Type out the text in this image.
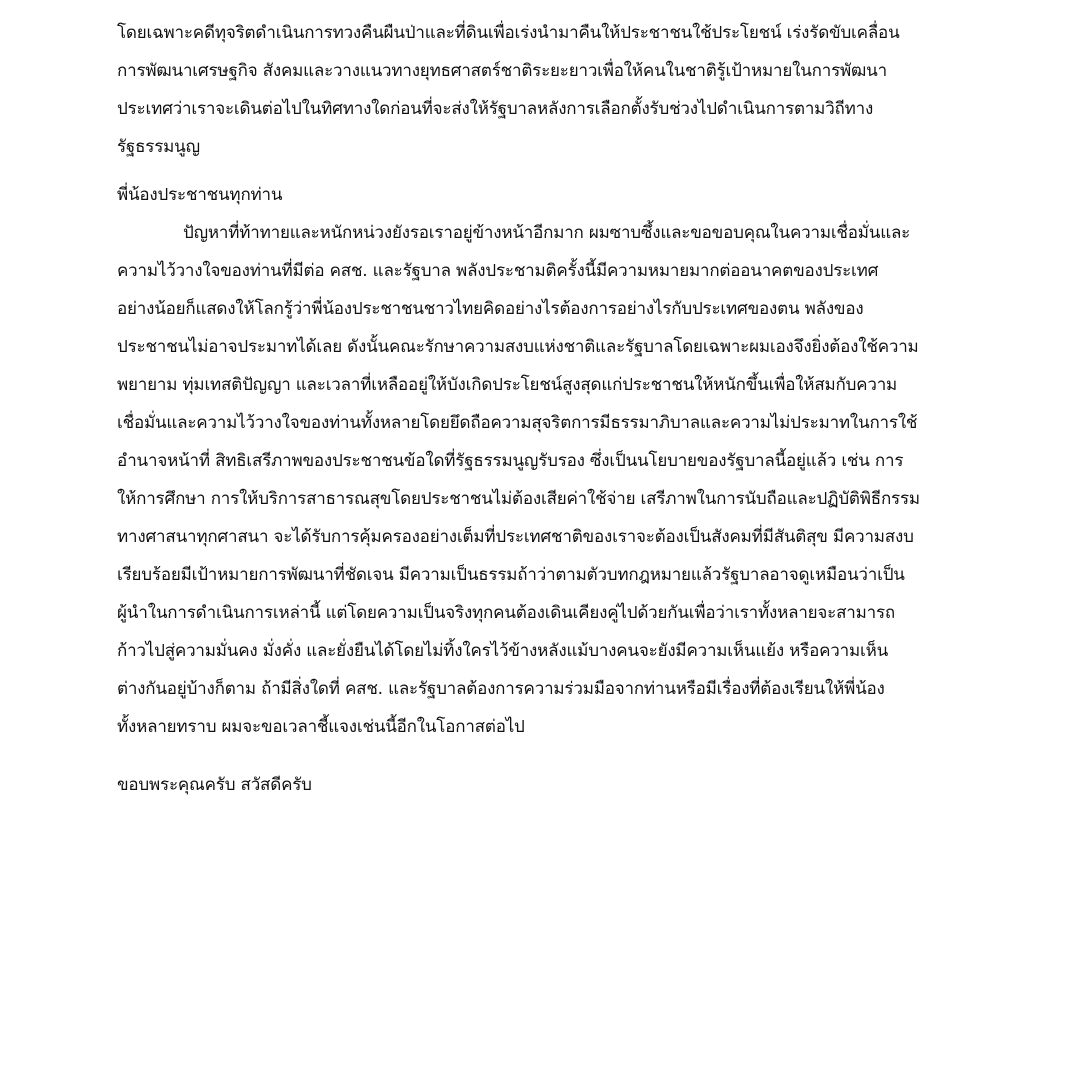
โดยเฉพาะคดีทุจริตดำเนินการทวงคืนผืนป่าและที่ดินเพื่อเร่งนำมาคืนให้ประชาชนใช้ประโยชน์ เร่งรัดขับเคลื่อน
การพัฒนาเศรษฐกิจ สังคมและวางแนวทางยุทธศาสตร์ชาติระยะยาวเพื่อให้คนในชาติรู้เป้าหมายในการพัฒนา
ประเทศว่าเราจะเดินต่อไปในทิศทางใดก่อนที่จะส่งให้รัฐบาลหลังการเลือกตั้งรับช่วงไปดำเนินการตามวิถีทาง
รัฐธรรมนูญ
พี่น้องประชาชนทุกท่าน
ปัญหาที่ท้าทายและหนักหน่วงยังรอเราอยู่ข้างหน้าอีกมาก ผมซาบซึ้งและขอขอบคุณในความเชื่อมั่นและ
ความไว้วางใจของท่านที่มีต่อ คสช. และรัฐบาล พลังประชามติครั้งนี้มีความหมายมากต่ออนาคตของประเทศ
อย่างน้อยก็แสดงให้โลกรู้ว่าพี่น้องประชาชนชาวไทยคิดอย่างไรต้องการอย่างไรกับประเทศของตน พลังของ
ประชาชนไม่อาจประมาทได้เลย ดังนั้นคณะรักษาความสงบแห่งชาติและรัฐบาลโดยเฉพาะผมเองจึงยิ่งต้องใช้ความ
พยายาม ทุ่มเทสติปัญญา และเวลาที่เหลืออยู่ให้บังเกิดประโยชน์สูงสุดแก่ประชาชนให้หนักขึ้นเพื่อให้สมกับความ
เชื่อมั่นและความไว้วางใจของท่านทั้งหลายโดยยึดถือความสุจริตการมีธรรมาภิบาลและความไม่ประมาทในการใช้
อำนาจหน้าที่ สิทธิเสรีภาพของประชาชนข้อใดที่รัฐธรรมนูญรับรอง ซึ่งเป็นนโยบายของรัฐบาลนี้อยู่แล้ว เช่น การ
ให้การศึกษา การให้บริการสาธารณสุขโดยประชาชนไม่ต้องเสียค่าใช้จ่าย เสรีภาพในการนับถือและปฏิบัติพิธีกรรม
ทางศาสนาทุกศาสนา จะได้รับการคุ้มครองอย่างเต็มที่ประเทศชาติของเราจะต้องเป็นสังคมที่มีสันติสุข มีความสงบ
เรียบร้อยมีเป้าหมายการพัฒนาที่ชัดเจน มีความเป็นธรรมถ้าว่าตามตัวบทกฎหมายแล้วรัฐบาลอาจดูเหมือนว่าเป็น
ผู้นำในการดำเนินการเหล่านี้ แต่โดยความเป็นจริงทุกคนต้องเดินเคียงคู่ไปด้วยกันเพื่อว่าเราทั้งหลายจะสามารถ
ก้าวไปสู่ความมั่นคง มั่งคั่ง และยั่งยืนได้โดยไม่ทิ้งใครไว้ข้างหลังแม้บางคนจะยังมีความเห็นแย้ง หรือความเห็น
ต่างกันอยู่บ้างก็ตาม ถ้ามีสิ่งใดที่ คสช. และรัฐบาลต้องการความร่วมมือจากท่านหรือมีเรื่องที่ต้องเรียนให้พี่น้อง
ทั้งหลายทราบ ผมจะขอเวลาชี้แจงเช่นนี้อีกในโอกาสต่อไป
ขอบพระคุณครับ สวัสดีครับ
